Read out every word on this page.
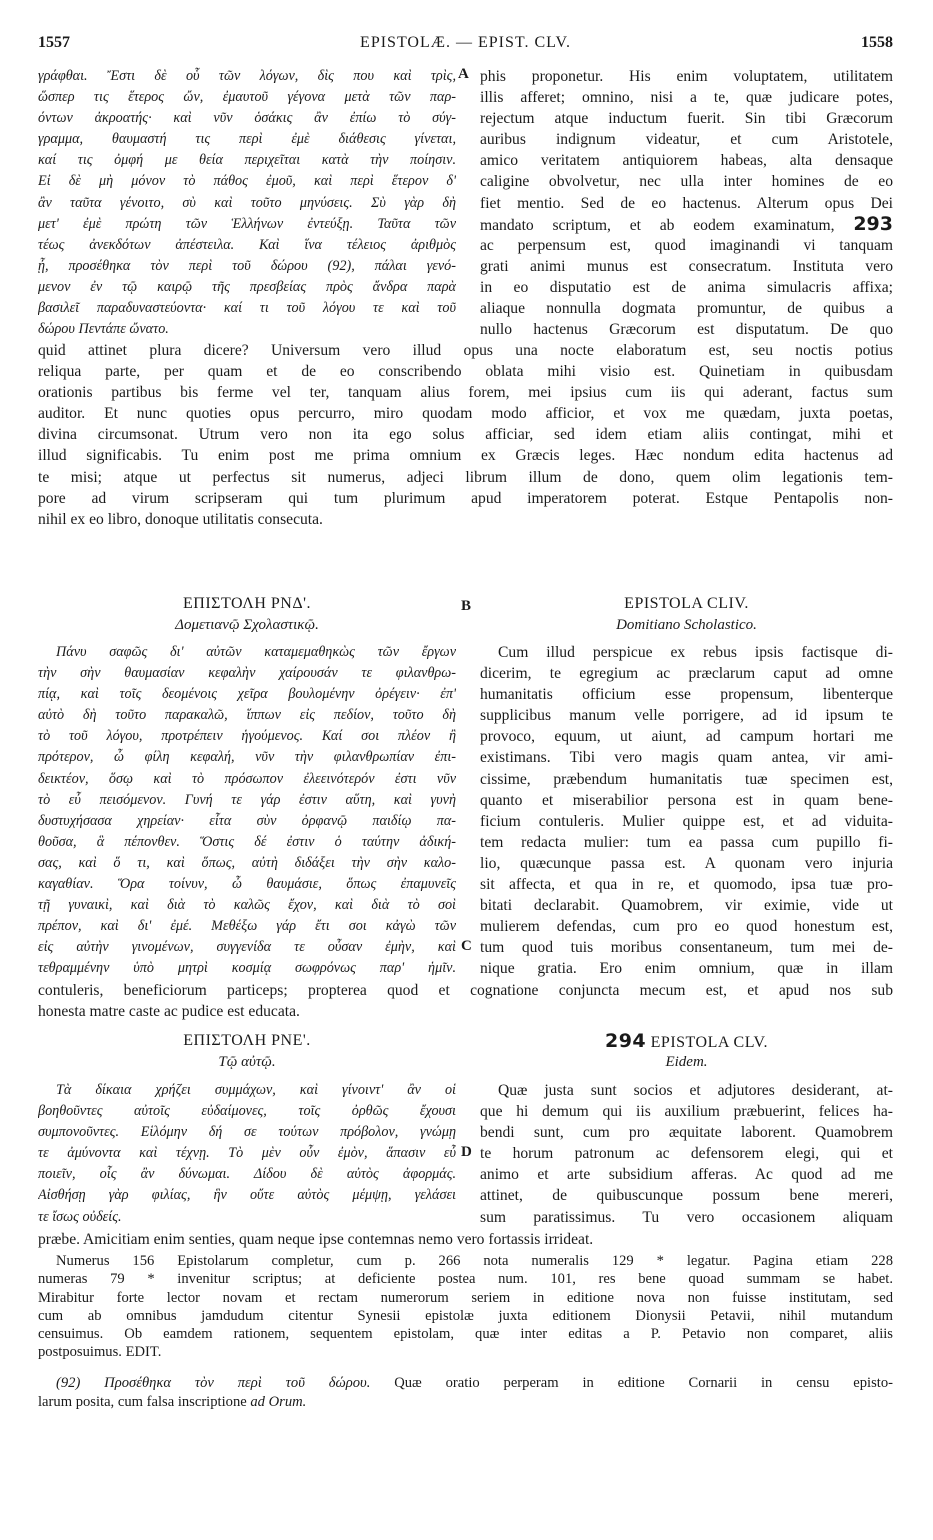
1557	EPISTOLÆ. — EPIST. CLV.	1558
γράφθαι. Ἔστι δὲ οὗ τῶν λόγων, δὶς που καὶ τρὶς,
ὥσπερ τις ἕτερος ὤν, ἐμαυτοῦ γέγονα μετὰ τῶν παρ-
όντων ἀκροατής· καὶ νῦν ὁσάκις ἂν ἐπίω τὸ σύγ-
γραμμα, θαυμαστή τις περὶ ἐμὲ διάθεσις γίνεται,
καί τις ὀμφή με θεία περιχεῖται κατὰ τὴν ποίησιν.
Εἰ δὲ μὴ μόνον τὸ πάθος ἐμοῦ, καὶ περὶ ἕτερον δ'
ἂν ταῦτα γένοιτο, σὺ καὶ τοῦτο μηνύσεις. Σὺ γὰρ δὴ
μετ' ἐμὲ πρώτη τῶν Ἑλλήνων ἐντεύξῃ. Ταῦτα τῶν
τέως ἀνεκδότων ἀπέστειλα. Καὶ ἵνα τέλειος ἀριθμὸς
ᾖ, προσέθηκα τὸν περὶ τοῦ δώρου (92), πάλαι γενό-
μενον ἐν τῷ καιρῷ τῆς πρεσβείας πρὸς ἄνδρα παρὰ
βασιλεῖ παραδυναστεύοντα· καί τι τοῦ λόγου τε καὶ τοῦ
δώρου Πεντάπε ὤνατο.
A phis proponetur. His enim voluptatem, utilitatem
illis afferet; omnino, nisi a te, quæ judicare potes,
rejectum atque inductum fuerit. Sin tibi Græcorum
auribus indignum videatur, et cum Aristotele,
amico veritatem antiquiorem habeas, alta densaque
caligine obvolvetur, nec ulla inter homines de eo
fiet mentio. Sed de eo hactenus. Alterum opus Dei
mandato scriptum, et ab eodem examinatum, 293
ac perpensum est, quod imaginandi vi tanquam
grati animi munus est consecratum. Instituta vero
in eo disputatio est de anima simulacris affixa;
aliaque nonnulla dogmata promuntur, de quibus a
nullo hactenus Græcorum est disputatum. De quo
quid attinet plura dicere? Universum vero illud opus una nocte elaboratum est, seu noctis potius
reliqua parte, per quam et de eo conscribendo oblata mihi visio est. Quinetiam in quibusdam
orationis partibus bis ferme vel ter, tanquam alius forem, mei ipsius cum iis qui aderant, factus sum
auditor. Et nunc quoties opus percurro, miro quodam modo afficior, et vox me quædam, juxta poetas,
divina circumsonat. Utrum vero non ita ego solus afficiar, sed idem etiam aliis contingat, mihi et
illud significabis. Tu enim post me prima omnium ex Græcis leges. Hæc nondum edita hactenus ad
te misi; atque ut perfectus sit numerus, adjeci librum illum de dono, quem olim legationis tem-
pore ad virum scripseram qui tum plurimum apud imperatorem poterat. Estque Pentapolis non-
nihil ex eo libro, donoque utilitatis consecuta.
ΕΠΙΣΤΟΛΗ ΡΝΔ'.
Δομετιανῷ Σχολαστικῷ.
B	EPISTOLA CLIV.
Domitiano Scholastico.
Πάνυ σαφῶς δι' αὐτῶν καταμεμαθηκὼς τῶν ἔργων
τὴν σὴν θαυμασίαν κεφαλὴν χαίρουσάν τε φιλανθρω-
πίᾳ, καὶ τοῖς δεομένοις χεῖρα βουλομένην ὀρέγειν· ἐπ'
αὐτὸ δὴ τοῦτο παρακαλῶ, ἵππων εἰς πεδίον, τοῦτο δὴ
τὸ τοῦ λόγου, προτρέπειν ἡγούμενος. Καί σοι πλέον ἢ
πρότερον, ὦ φίλη κεφαλή, νῦν τὴν φιλανθρωπίαν ἐπι-
δεικτέον, ὅσῳ καὶ τὸ πρόσωπον ἐλεεινότερόν ἐστι νῦν
τὸ εὖ πεισόμενον. Γυνή τε γάρ ἐστιν αὕτη, καὶ γυνὴ
δυστυχήσασα χηρείαν· εἶτα σὺν ὀρφανῷ παιδίῳ πα-
θοῦσα, ἃ πέπονθεν. Ὅστις δέ ἐστιν ὁ ταύτην ἀδική-
σας, καὶ ὅ τι, καὶ ὅπως, αὐτὴ διδάξει τὴν σὴν καλο-
καγαθίαν. Ὅρα τοίνυν, ὦ θαυμάσιε, ὅπως ἐπαμυνεῖς
τῇ γυναικὶ, καὶ διὰ τὸ καλῶς ἔχον, καὶ διὰ τὸ σοὶ
πρέπον, καὶ δι' ἐμέ. Μεθέξω γάρ ἔτι σοι κἀγὼ τῶν
εἰς αὐτὴν γινομένων, συγγενίδα τε οὖσαν ἐμὴν, καὶ
τεθραμμένην ὑπὸ μητρὶ κοσμίᾳ σωφρόνως παρ' ἡμῖν.
C
Cum illud perspicue ex rebus ipsis factisque di-
dicerim, te egregium ac præclarum caput ad omne
humanitatis officium esse propensum, libenterque
supplicibus manum velle porrigere, ad id ipsum te
provoco, equum, ut aiunt, ad campum hortari me
existimans. Tibi vero magis quam antea, vir ami-
cissime, præbendum humanitatis tuæ specimen est,
quanto et miserabilior persona est in quam bene-
ficium contuleris. Mulier quippe est, et ad viduita-
tem redacta mulier: tum ea passa cum pupillo fi-
lio, quæcunque passa est. A quonam vero injuria
sit affecta, et qua in re, et quomodo, ipsa tuæ pro-
bitati declarabit. Quamobrem, vir eximie, vide ut
mulierem defendas, cum pro eo quod honestum est,
tum quod tuis moribus consentaneum, tum mei de-
nique gratia. Ero enim omnium, quæ in illam
contuleris, beneficiorum particeps; propterea quod et cognatione conjuncta mecum est, et apud nos sub
honesta matre caste ac pudice est educata.
ΕΠΙΣΤΟΛΗ ΡΝΕ'.
Τῷ αὐτῷ.
294 EPISTOLA CLV.
Eidem.
Τὰ δίκαια χρήζει συμμάχων, καὶ γίνοιντ' ἂν οἱ
βοηθοῦντες αὐτοῖς εὐδαίμονες, τοῖς ὀρθῶς ἔχουσι
συμπονοῦντες. Εἱλόμην δή σε τούτων πρόβολον, γνώμῃ
τε ἀμύνοντα καὶ τέχνῃ. Τὸ μὲν οὖν ἐμὸν, ἅπασιν εὖ
ποιεῖν, οἷς ἂν δύνωμαι. Δίδου δὲ αὐτὸς ἀφορμάς.
Αἰσθήσῃ γὰρ φιλίας, ἣν οὔτε αὐτὸς μέμψῃ, γελάσει
τε ἴσως οὐδείς.
D
Quæ justa sunt socios et adjutores desiderant, at-
que hi demum qui iis auxilium præbuerint, felices ha-
bendi sunt, cum pro æquitate laborent. Quamobrem
te horum patronum ac defensorem elegi, qui et
animo et arte subsidium afferas. Ac quod ad me
attinet, de quibuscunque possum bene mereri,
sum paratissimus. Tu vero occasionem aliquam
præbe. Amicitiam enim senties, quam neque ipse contemnas nemo vero fortassis irrideat.
Numerus 156 Epistolarum completur, cum p. 266 nota numeralis 129 * legatur. Pagina etiam 228
numeras 79 * invenitur scriptus; at deficiente postea num. 101, res bene quoad summam se habet.
Mirabitur forte lector novam et rectam numerorum seriem in editione nova non fuisse institutam, sed
cum ab omnibus jamdudum citentur Synesii epistolæ juxta editionem Dionysii Petavii, nihil mutandum
censuimus. Ob eamdem rationem, sequentem epistolam, quæ inter editas a P. Petavio non comparet, aliis
postposuimus. EDIT.
(92) Προσέθηκα τὸν περὶ τοῦ δώρου. Quæ oratio perperam in editione Cornarii in censu episto-
larum posita, cum falsa inscriptione ad Orum.
